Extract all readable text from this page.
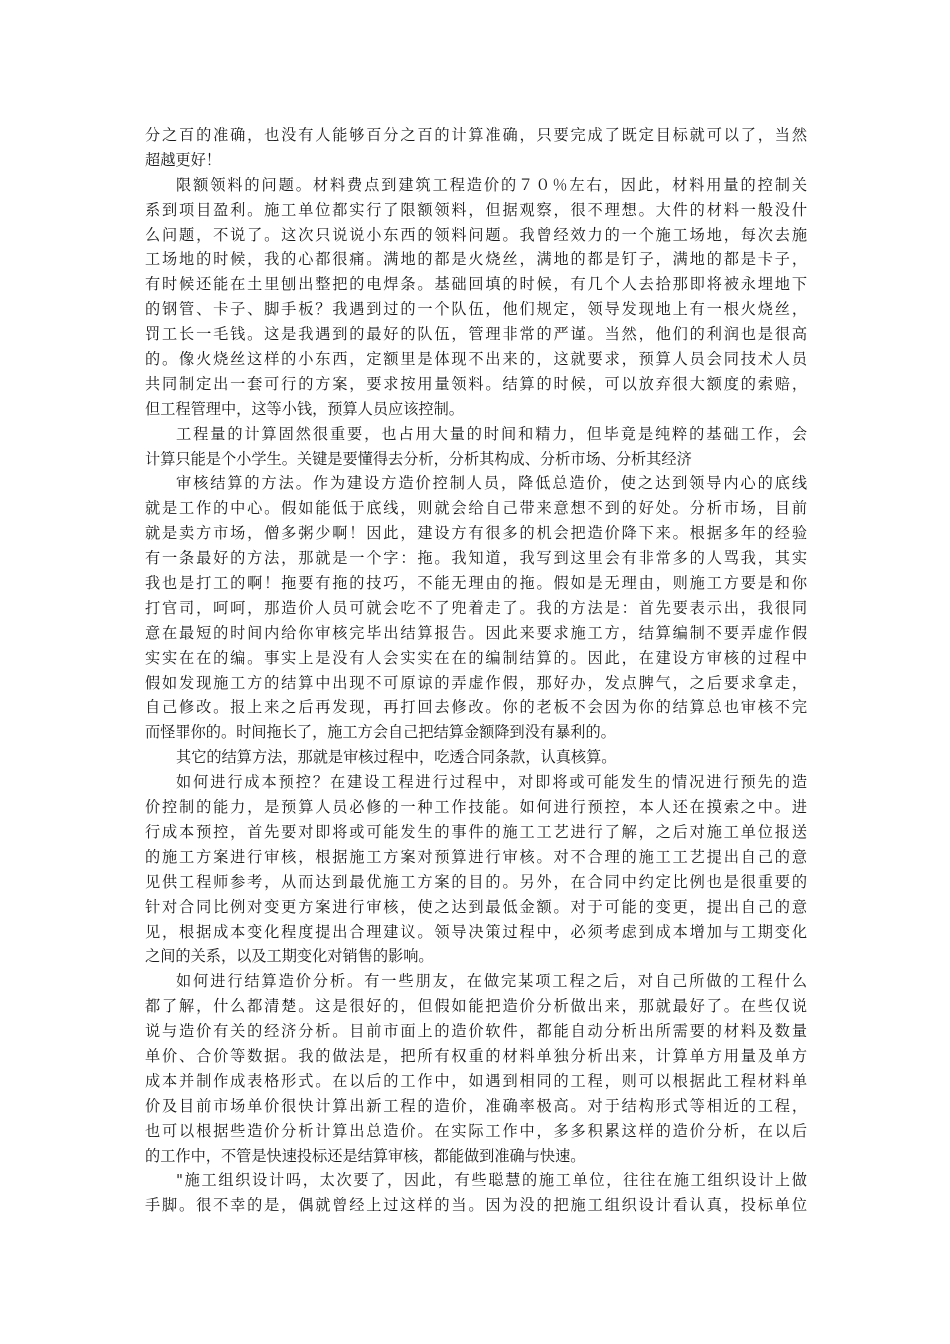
分之百的准确，也没有人能够百分之百的计算准确，只要完成了既定目标就可以了，当然
超越更好！
限额领料的问题。材料费点到建筑工程造价的７０％左右，因此，材料用量的控制关
系到项目盈利。施工单位都实行了限额领料，但据观察，很不理想。大件的材料一般没什
么问题，不说了。这次只说说小东西的领料问题。我曾经效力的一个施工场地，每次去施
工场地的时候，我的心都很痛。满地的都是火烧丝，满地的都是钉子，满地的都是卡子，
有时候还能在土里刨出整把的电焊条。基础回填的时候，有几个人去拾那即将被永埋地下
的钢管、卡子、脚手板？我遇到过的一个队伍，他们规定，领导发现地上有一根火烧丝，
罚工长一毛钱。这是我遇到的最好的队伍，管理非常的严谨。当然，他们的利润也是很高
的。像火烧丝这样的小东西，定额里是体现不出来的，这就要求，预算人员会同技术人员
共同制定出一套可行的方案，要求按用量领料。结算的时候，可以放弃很大额度的索赔，
但工程管理中，这等小钱，预算人员应该控制。
工程量的计算固然很重要，也占用大量的时间和精力，但毕竟是纯粹的基础工作，会
计算只能是个小学生。关键是要懂得去分析，分析其构成、分析市场、分析其经济
审核结算的方法。作为建设方造价控制人员，降低总造价，使之达到领导内心的底线
就是工作的中心。假如能低于底线，则就会给自己带来意想不到的好处。分析市场，目前
就是卖方市场，僧多粥少啊！因此，建设方有很多的机会把造价降下来。根据多年的经验
有一条最好的方法，那就是一个字：拖。我知道，我写到这里会有非常多的人骂我，其实
我也是打工的啊！拖要有拖的技巧，不能无理由的拖。假如是无理由，则施工方要是和你
打官司，呵呵，那造价人员可就会吃不了兜着走了。我的方法是：首先要表示出，我很同
意在最短的时间内给你审核完毕出结算报告。因此来要求施工方，结算编制不要弄虚作假
实实在在的编。事实上是没有人会实实在在的编制结算的。因此，在建设方审核的过程中
假如发现施工方的结算中出现不可原谅的弄虚作假，那好办，发点脾气，之后要求拿走，
自己修改。报上来之后再发现，再打回去修改。你的老板不会因为你的结算总也审核不完
而怪罪你的。时间拖长了，施工方会自己把结算金额降到没有暴利的。
其它的结算方法，那就是审核过程中，吃透合同条款，认真核算。
如何进行成本预控？在建设工程进行过程中，对即将或可能发生的情况进行预先的造
价控制的能力，是预算人员必修的一种工作技能。如何进行预控，本人还在摸索之中。进
行成本预控，首先要对即将或可能发生的事件的施工工艺进行了解，之后对施工单位报送
的施工方案进行审核，根据施工方案对预算进行审核。对不合理的施工工艺提出自己的意
见供工程师参考，从而达到最优施工方案的目的。另外，在合同中约定比例也是很重要的
针对合同比例对变更方案进行审核，使之达到最低金额。对于可能的变更，提出自己的意
见，根据成本变化程度提出合理建议。领导决策过程中，必须考虑到成本增加与工期变化
之间的关系，以及工期变化对销售的影响。
如何进行结算造价分析。有一些朋友，在做完某项工程之后，对自己所做的工程什么
都了解，什么都清楚。这是很好的，但假如能把造价分析做出来，那就最好了。在些仅说
说与造价有关的经济分析。目前市面上的造价软件，都能自动分析出所需要的材料及数量
单价、合价等数据。我的做法是，把所有权重的材料单独分析出来，计算单方用量及单方
成本并制作成表格形式。在以后的工作中，如遇到相同的工程，则可以根据此工程材料单
价及目前市场单价很快计算出新工程的造价，准确率极高。对于结构形式等相近的工程，
也可以根据些造价分析计算出总造价。在实际工作中，多多积累这样的造价分析，在以后
的工作中，不管是快速投标还是结算审核，都能做到准确与快速。
"施工组织设计吗，太次要了，因此，有些聪慧的施工单位，往往在施工组织设计上做
手脚。很不幸的是，偶就曾经上过这样的当。因为没的把施工组织设计看认真，投标单位
